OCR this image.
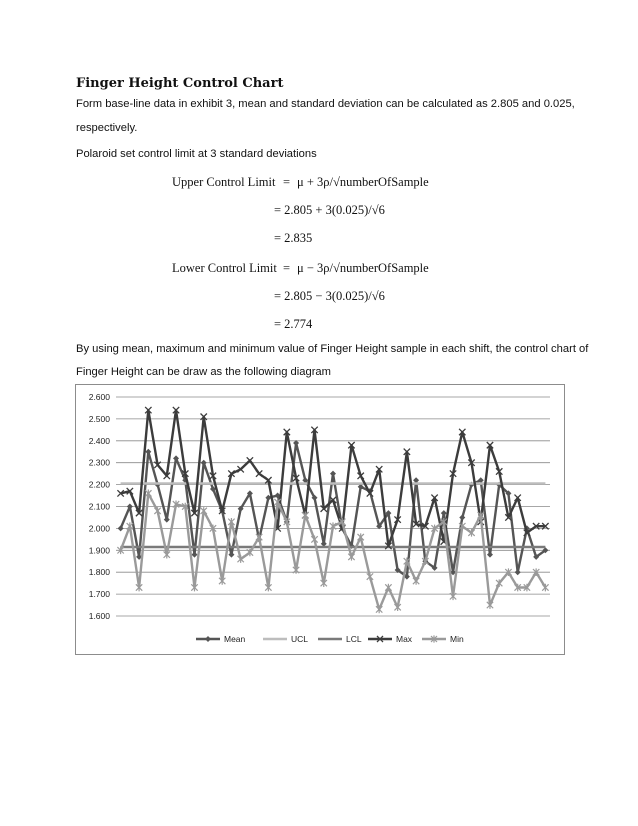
Finger Height Control Chart
Form base-line data in exhibit 3, mean and standard deviation can be calculated as 2.805 and 0.025,
respectively.
Polaroid set control limit at 3 standard deviations
Upper Control Limit = μ + 3ρ/√numberOfSample
= 2.805 + 3(0.025)/√6
= 2.835
Lower Control Limit = μ − 3ρ/√numberOfSample
= 2.805 − 3(0.025)/√6
= 2.774
By using mean, maximum and minimum value of Finger Height sample in each shift, the control chart of
Finger Height can be draw as the following diagram
1.600
1.700
1.800
1.900
2.000
2.100
2.200
2.300
2.400
2.500
2.600
Mean	UCL	LCL	Max	Min
